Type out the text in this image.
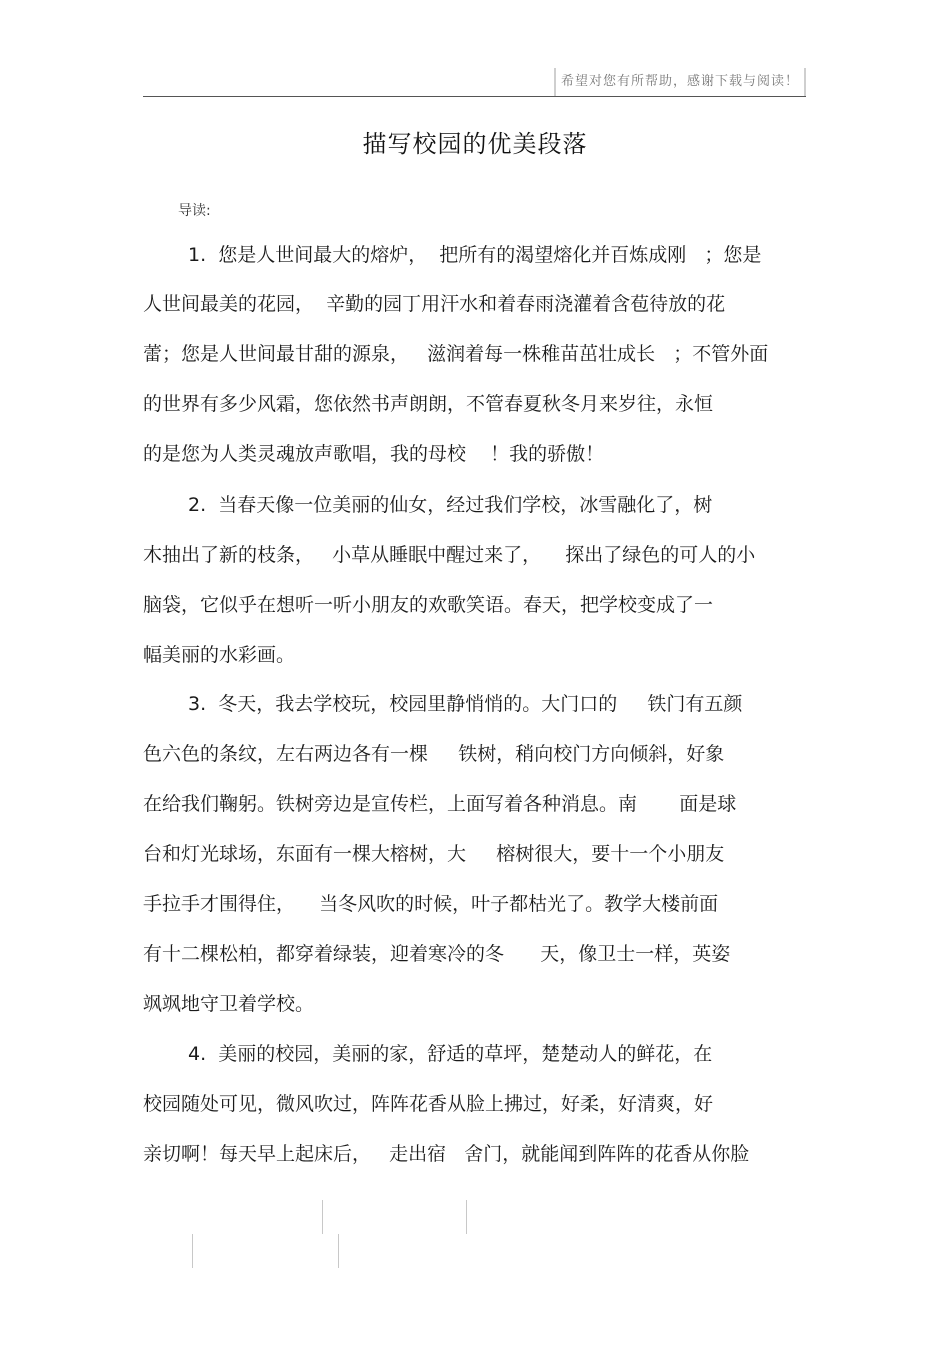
希望对您有所帮助，感谢下载与阅读！
描写校园的优美段落
导读:
1.  您是人世间最大的熔炉，  把所有的渴望熔化并百炼成刚   ；您是
人世间最美的花园，  辛勤的园丁用汗水和着春雨浇灌着含苞待放的花
蕾；您是人世间最甘甜的源泉，   滋润着每一株稚苗茁壮成长   ；不管外面
的世界有多少风霜，您依然书声朗朗，不管春夏秋冬月来岁往，永恒
的是您为人类灵魂放声歌唱，我的母校    ！我的骄傲！
2.  当春天像一位美丽的仙女，经过我们学校，冰雪融化了，树
木抽出了新的枝条，   小草从睡眠中醒过来了，    探出了绿色的可人的小
脑袋，它似乎在想听一听小朋友的欢歌笑语。春天，把学校变成了一
幅美丽的水彩画。
3.  冬天，我去学校玩，校园里静悄悄的。大门口的     铁门有五颜
色六色的条纹，左右两边各有一棵     铁树，稍向校门方向倾斜，好象
在给我们鞠躬。铁树旁边是宣传栏，上面写着各种消息。南       面是球
台和灯光球场，东面有一棵大榕树，大     榕树很大，要十一个小朋友
手拉手才围得住，    当冬风吹的时候，叶子都枯光了。教学大楼前面
有十二棵松柏，都穿着绿装，迎着寒冷的冬      天，像卫士一样，英姿
飒飒地守卫着学校。
4.  美丽的校园，美丽的家，舒适的草坪，楚楚动人的鲜花，在
校园随处可见，微风吹过，阵阵花香从脸上拂过，好柔，好清爽，好
亲切啊！每天早上起床后，   走出宿   舍门，就能闻到阵阵的花香从你脸
